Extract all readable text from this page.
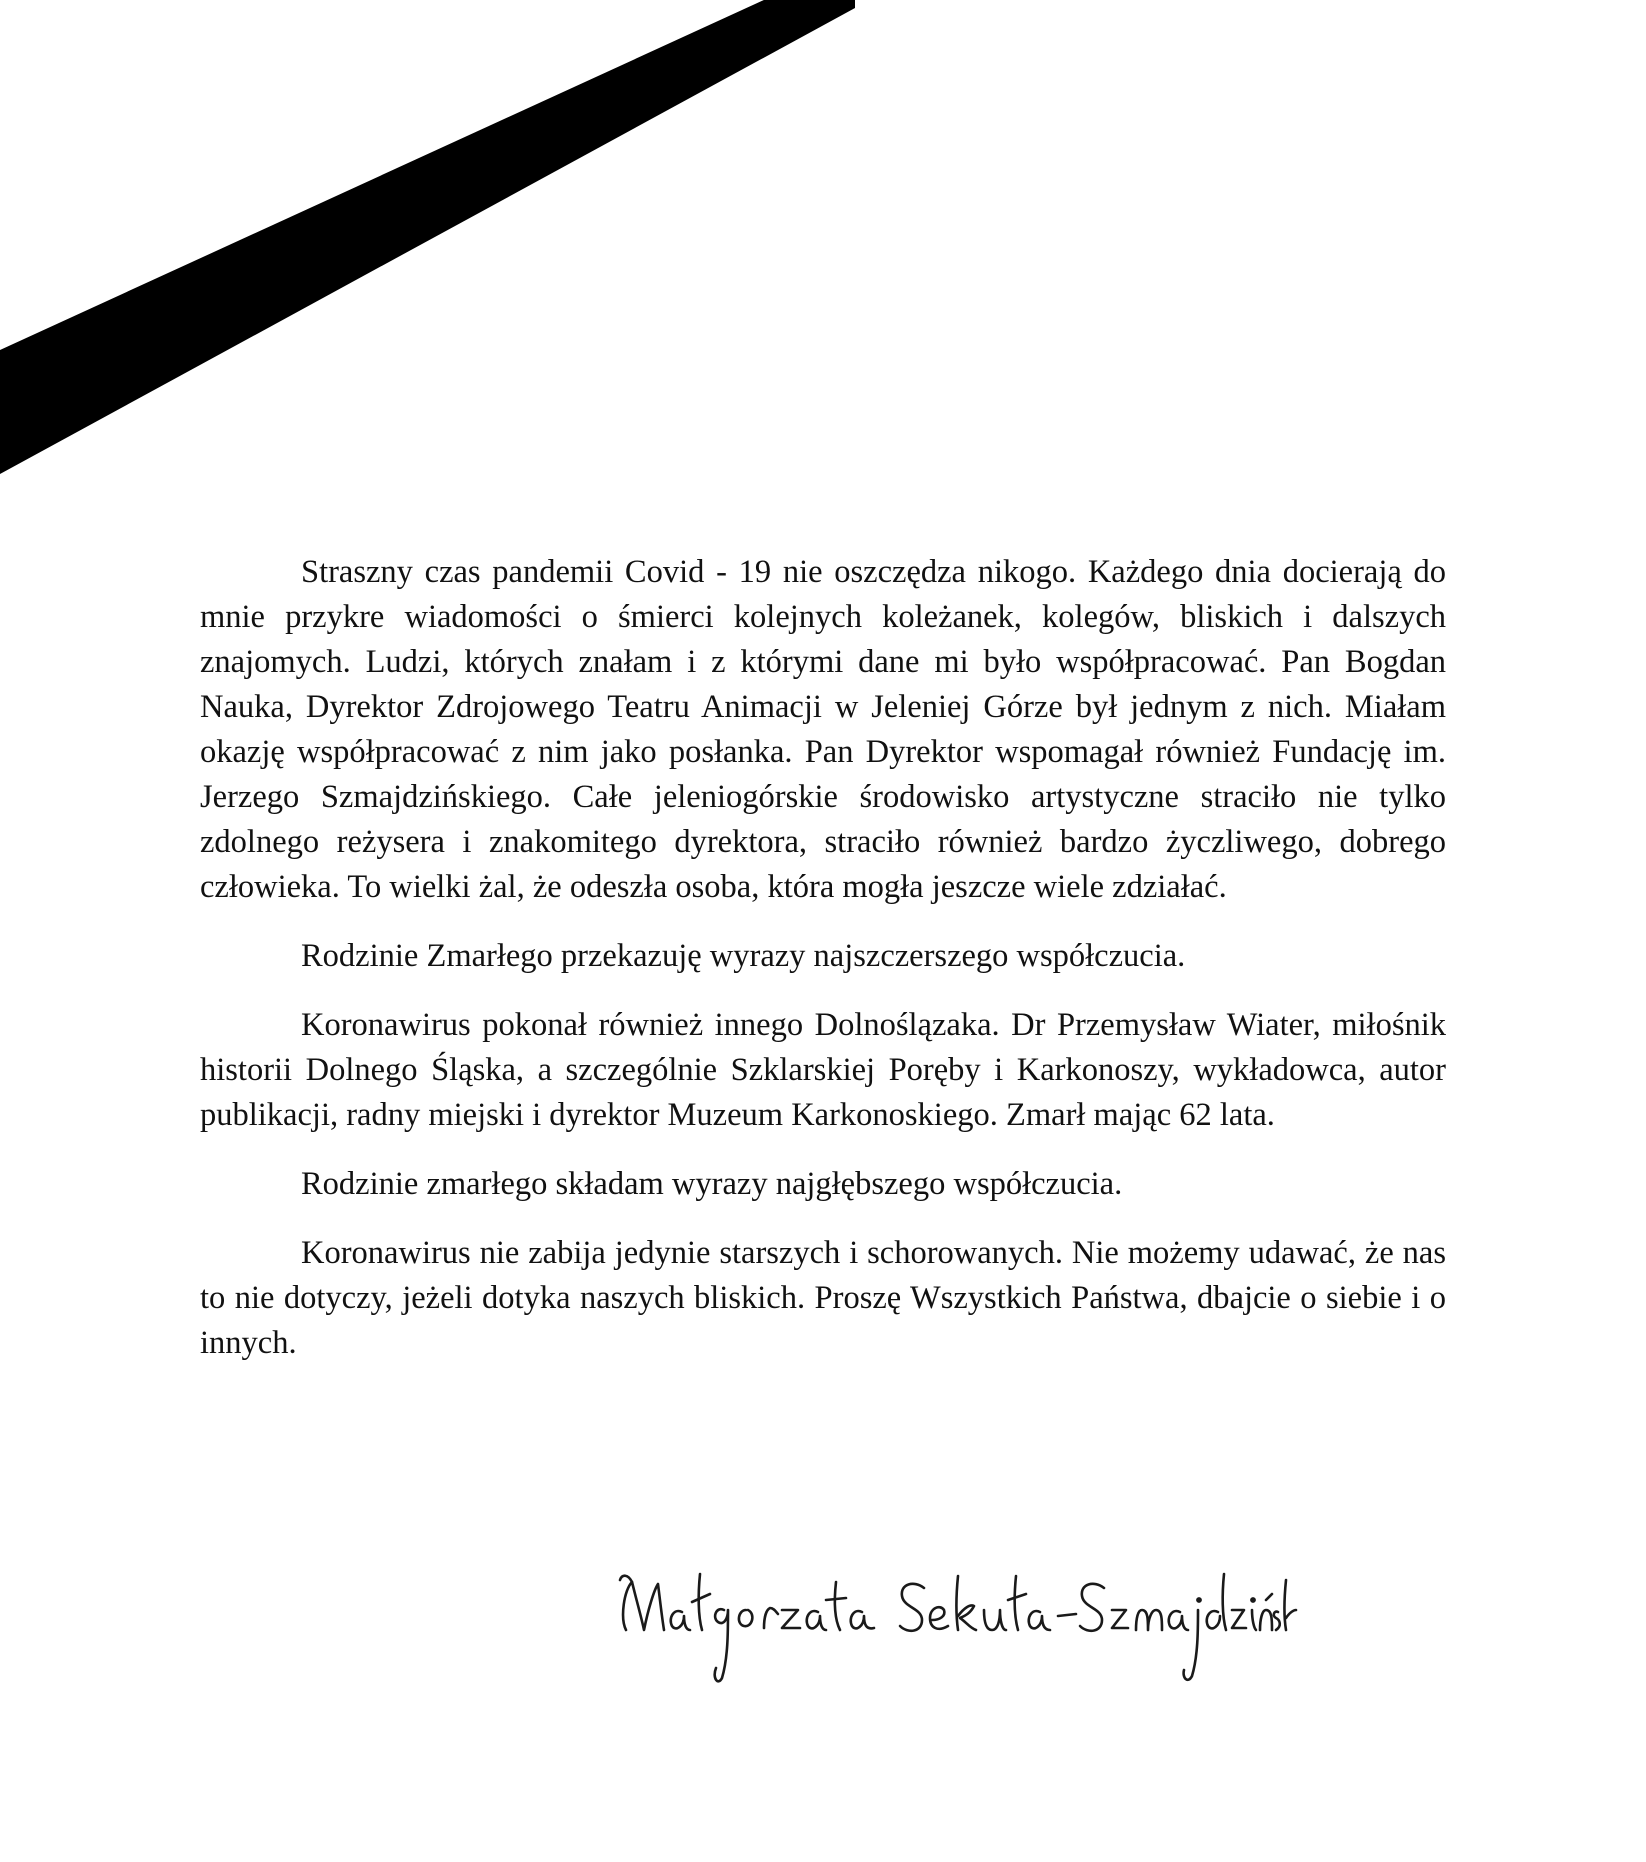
Straszny czas pandemii Covid - 19 nie oszczędza nikogo. Każdego dnia docierają do mnie przykre wiadomości o śmierci kolejnych koleżanek, kolegów, bliskich i dalszych znajomych. Ludzi, których znałam i z którymi dane mi było współpracować. Pan Bogdan Nauka, Dyrektor Zdrojowego Teatru Animacji w Jeleniej Górze był jednym z nich. Miałam okazję współpracować z nim jako posłanka. Pan Dyrektor wspomagał również Fundację im. Jerzego Szmajdzińskiego. Całe jeleniogórskie środowisko artystyczne straciło nie tylko zdolnego reżysera i znakomitego dyrektora, straciło również bardzo życzliwego, dobrego człowieka. To wielki żal, że odeszła osoba, która mogła jeszcze wiele zdziałać.

Rodzinie Zmarłego przekazuję wyrazy najszczerszego współczucia.

Koronawirus pokonał również innego Dolnoślązaka. Dr Przemysław Wiater, miłośnik historii Dolnego Śląska, a szczególnie Szklarskiej Poręby i Karkonoszy, wykładowca, autor publikacji, radny miejski i dyrektor Muzeum Karkonoskiego. Zmarł mając 62 lata.

Rodzinie zmarłego składam wyrazy najgłębszego współczucia.

Koronawirus nie zabija jedynie starszych i schorowanych. Nie możemy udawać, że nas to nie dotyczy, jeżeli dotyka naszych bliskich. Proszę Wszystkich Państwa, dbajcie o siebie i o innych.
